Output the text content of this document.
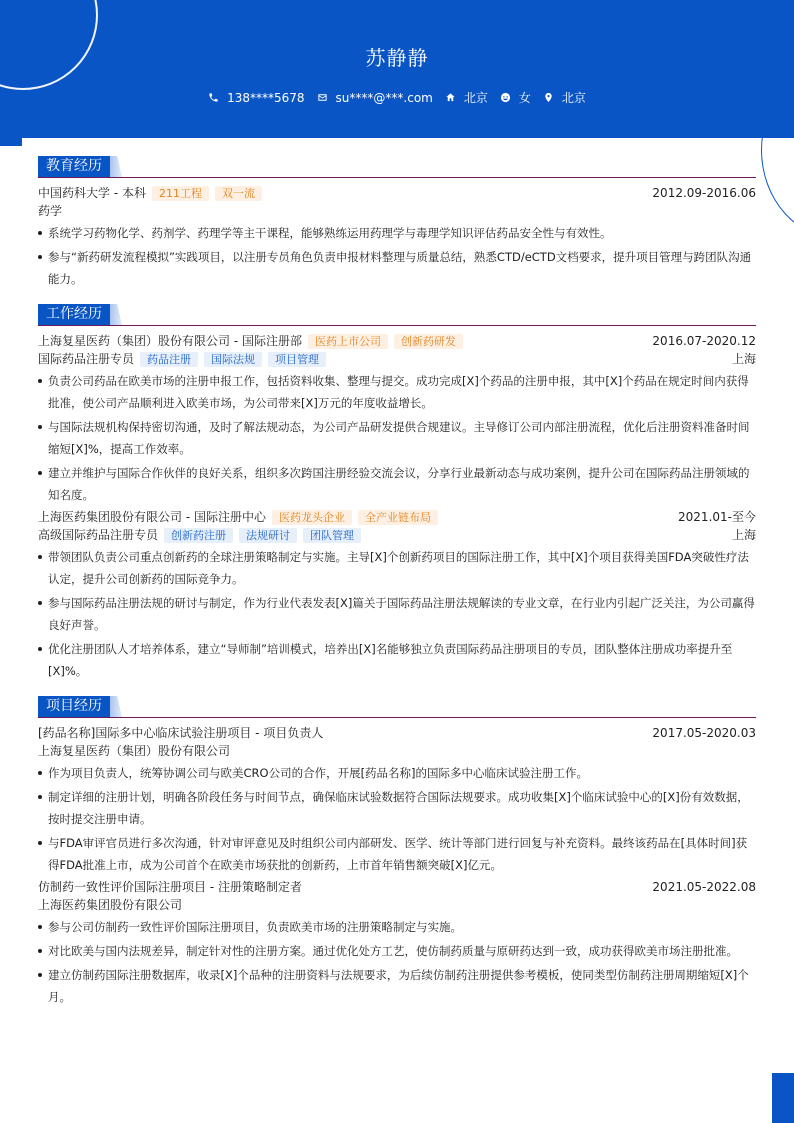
苏静静
138****5678	su****@***.com	北京	女	北京
教育经历
中国药科大学 - 本科	211工程	双一流	2012.09-2016.06
药学
系统学习药物化学、药剂学、药理学等主干课程，能够熟练运用药理学与毒理学知识评估药品安全性与有效性。
参与“新药研发流程模拟”实践项目，以注册专员角色负责申报材料整理与质量总结，熟悉CTD/eCTD文档要求，提升项目管理与跨团队沟通能力。
工作经历
上海复星医药（集团）股份有限公司 - 国际注册部	医药上市公司	创新药研发	2016.07-2020.12
国际药品注册专员	药品注册	国际法规	项目管理	上海
负责公司药品在欧美市场的注册申报工作，包括资料收集、整理与提交。成功完成[X]个药品的注册申报，其中[X]个药品在规定时间内获得批准，使公司产品顺利进入欧美市场，为公司带来[X]万元的年度收益增长。
与国际法规机构保持密切沟通，及时了解法规动态，为公司产品研发提供合规建议。主导修订公司内部注册流程，优化后注册资料准备时间缩短[X]%，提高工作效率。
建立并维护与国际合作伙伴的良好关系，组织多次跨国注册经验交流会议，分享行业最新动态与成功案例，提升公司在国际药品注册领域的知名度。
上海医药集团股份有限公司 - 国际注册中心	医药龙头企业	全产业链布局	2021.01-至今
高级国际药品注册专员	创新药注册	法规研讨	团队管理	上海
带领团队负责公司重点创新药的全球注册策略制定与实施。主导[X]个创新药项目的国际注册工作，其中[X]个项目获得美国FDA突破性疗法认定，提升公司创新药的国际竞争力。
参与国际药品注册法规的研讨与制定，作为行业代表发表[X]篇关于国际药品注册法规解读的专业文章，在行业内引起广泛关注，为公司赢得良好声誉。
优化注册团队人才培养体系，建立“导师制”培训模式，培养出[X]名能够独立负责国际药品注册项目的专员，团队整体注册成功率提升至[X]%。
项目经历
[药品名称]国际多中心临床试验注册项目 - 项目负责人	2017.05-2020.03
上海复星医药（集团）股份有限公司
作为项目负责人，统筹协调公司与欧美CRO公司的合作，开展[药品名称]的国际多中心临床试验注册工作。
制定详细的注册计划，明确各阶段任务与时间节点，确保临床试验数据符合国际法规要求。成功收集[X]个临床试验中心的[X]份有效数据，按时提交注册申请。
与FDA审评官员进行多次沟通，针对审评意见及时组织公司内部研发、医学、统计等部门进行回复与补充资料。最终该药品在[具体时间]获得FDA批准上市，成为公司首个在欧美市场获批的创新药，上市首年销售额突破[X]亿元。
仿制药一致性评价国际注册项目 - 注册策略制定者	2021.05-2022.08
上海医药集团股份有限公司
参与公司仿制药一致性评价国际注册项目，负责欧美市场的注册策略制定与实施。
对比欧美与国内法规差异，制定针对性的注册方案。通过优化处方工艺，使仿制药质量与原研药达到一致，成功获得欧美市场注册批准。
建立仿制药国际注册数据库，收录[X]个品种的注册资料与法规要求，为后续仿制药注册提供参考模板，使同类型仿制药注册周期缩短[X]个月。
